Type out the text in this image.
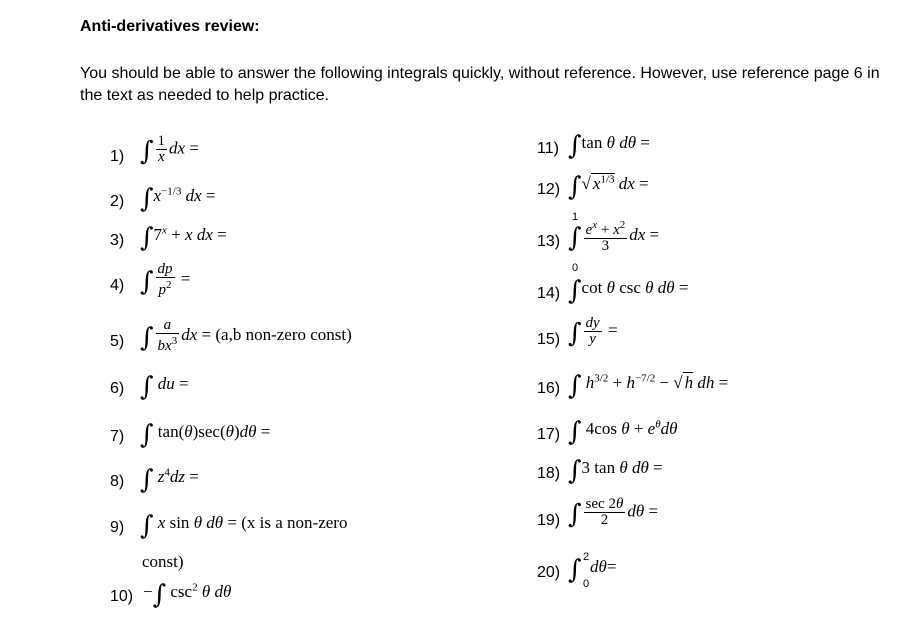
Anti-derivatives review:
You should be able to answer the following integrals quickly, without reference. However, use reference page 6 in the text as needed to help practice.
1) ∫ $\frac{1}{x}$ dx =
2) $\int x^{-1/3}$ dx =
3) $\int 7^x + x$ dx =
4) ∫ $\frac{dp}{p^2}$ =
5) ∫ $\frac{a}{bx^3}$ dx = (a,b non-zero const)
6) ∫ du =
7) ∫ tan(θ)sec(θ)dθ =
8) ∫ $z^4dz$ =
9) ∫ x sin θ dθ = (x is a non-zero
const)
10) −∫ $\csc^2 \theta$ dθ
11) ∫tan θ dθ =
12) ∫√ $x^{1/3}$ dx =
13)
1
0
∫ $\frac{e^x + x^2}{3}$ dx =
14) ∫cot θ csc θ dθ =
15) ∫ $\frac{dy}{y}$ =
16) ∫ $h^{3/2} + h^{-7/2}$ − √ h dh =
17) ∫ 4cos $\theta + e^\theta d\theta$
18) ∫3 tan θ dθ =
19) ∫ $\frac{\sec 2\theta}{2}$ dθ =
20)
2
0
∫ dθ=
